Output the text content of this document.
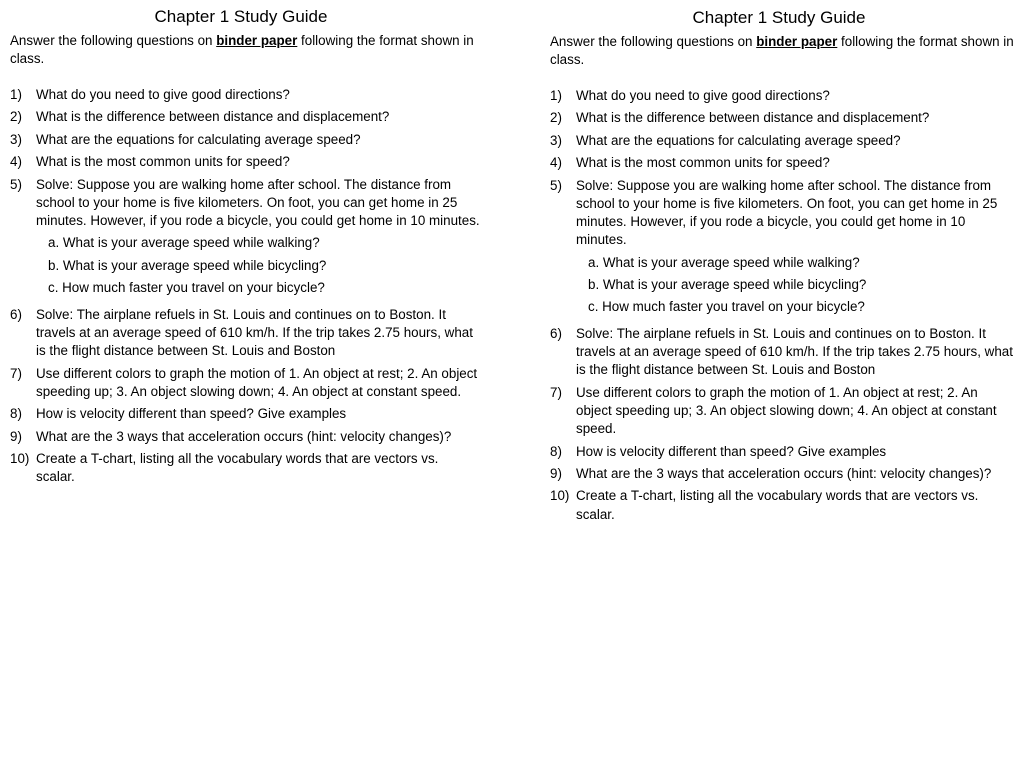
Chapter 1 Study Guide
Answer the following questions on binder paper following the format shown in class.
1)	What do you need to give good directions?
2)	What is the difference between distance and displacement?
3)	What are the equations for calculating average speed?
4)	What is the most common units for speed?
5)	Solve: Suppose you are walking home after school. The distance from school to your home is five kilometers. On foot, you can get home in 25 minutes. However, if you rode a bicycle, you could get home in 10 minutes.
a. What is your average speed while walking?
b. What is your average speed while bicycling?
c. How much faster you travel on your bicycle?
6)	Solve: The airplane refuels in St. Louis and continues on to Boston. It travels at an average speed of 610 km/h. If the trip takes 2.75 hours, what is the flight distance between St. Louis and Boston
7)	Use different colors to graph the motion of 1. An object at rest; 2. An object speeding up; 3. An object slowing down; 4. An object at constant speed.
8)	How is velocity different than speed? Give examples
9)	What are the 3 ways that acceleration occurs (hint: velocity changes)?
10) Create a T-chart, listing all the vocabulary words that are vectors vs. scalar.
Chapter 1 Study Guide
Answer the following questions on binder paper following the format shown in class.
1)	What do you need to give good directions?
2)	What is the difference between distance and displacement?
3)	What are the equations for calculating average speed?
4)	What is the most common units for speed?
5)	Solve: Suppose you are walking home after school. The distance from school to your home is five kilometers. On foot, you can get home in 25 minutes. However, if you rode a bicycle, you could get home in 10 minutes.
a. What is your average speed while walking?
b. What is your average speed while bicycling?
c. How much faster you travel on your bicycle?
6)	Solve: The airplane refuels in St. Louis and continues on to Boston. It travels at an average speed of 610 km/h. If the trip takes 2.75 hours, what is the flight distance between St. Louis and Boston
7)	Use different colors to graph the motion of 1. An object at rest; 2. An object speeding up; 3. An object slowing down; 4. An object at constant speed.
8)	How is velocity different than speed? Give examples
9)	What are the 3 ways that acceleration occurs (hint: velocity changes)?
10) Create a T-chart, listing all the vocabulary words that are vectors vs. scalar.
